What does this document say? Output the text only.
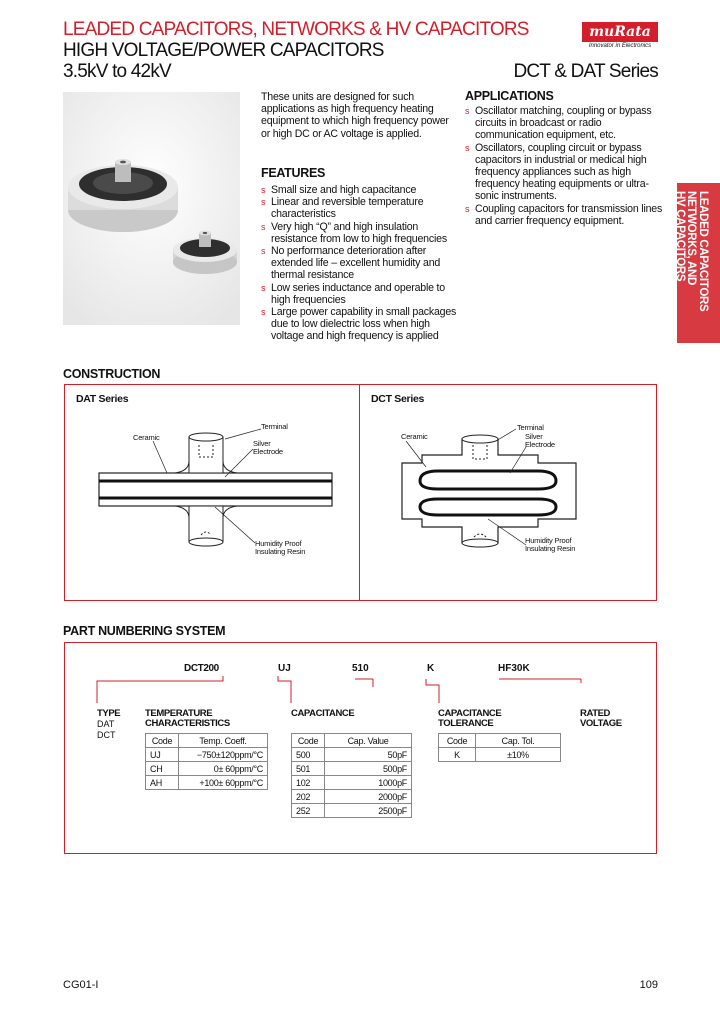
LEADED CAPACITORS, NETWORKS & HV CAPACITORS
HIGH VOLTAGE/POWER CAPACITORS
3.5kV to 42kV	DCT & DAT Series
muRata
Innovator in Electronics
These units are designed for such applications as high frequency heating equipment to which high frequency power or high DC or AC voltage is applied.
FEATURES
s Small size and high capacitance
s Linear and reversible temperature characteristics
s Very high “Q” and high insulation resistance from low to high frequencies
s No performance deterioration after extended life – excellent humidity and thermal resistance
s Low series inductance and operable to high frequencies
s Large power capability in small packages due to low dielectric loss when high voltage and high frequency is applied
APPLICATIONS
s Oscillator matching, coupling or bypass circuits in broadcast or radio communication equipment, etc.
s Oscillators, coupling circuit or bypass capacitors in industrial or medical high frequency appliances such as high frequency heating equipments or ultra-sonic instruments.
s Coupling capacitors for transmission lines and carrier frequency equipment.	LEADED CAPACITORS
NETWORKS, AND
HV CAPACITORS
CONSTRUCTION
DAT Series	DCT Series
Ceramic
Terminal
Silver
Electrode
Humidity Proof
Insulating Resin
Ceramic
Terminal
Silver
Electrode
Humidity Proof
Insulating Resin
PART NUMBERING SYSTEM
DCT200	UJ	510	K	HF30K
TYPE
DAT
DCT
TEMPERATURE
CHARACTERISTICS
Code	Temp. Coeff.
UJ	−750±120ppm/°C
CH	0± 60ppm/°C
AH	+100± 60ppm/°C
CAPACITANCE
Code	Cap. Value
500	50pF
501	500pF
102	1000pF
202	2000pF
252	2500pF
CAPACITANCE
TOLERANCE
Code	Cap. Tol.
K	±10%
RATED
VOLTAGE
CG01-I	109
